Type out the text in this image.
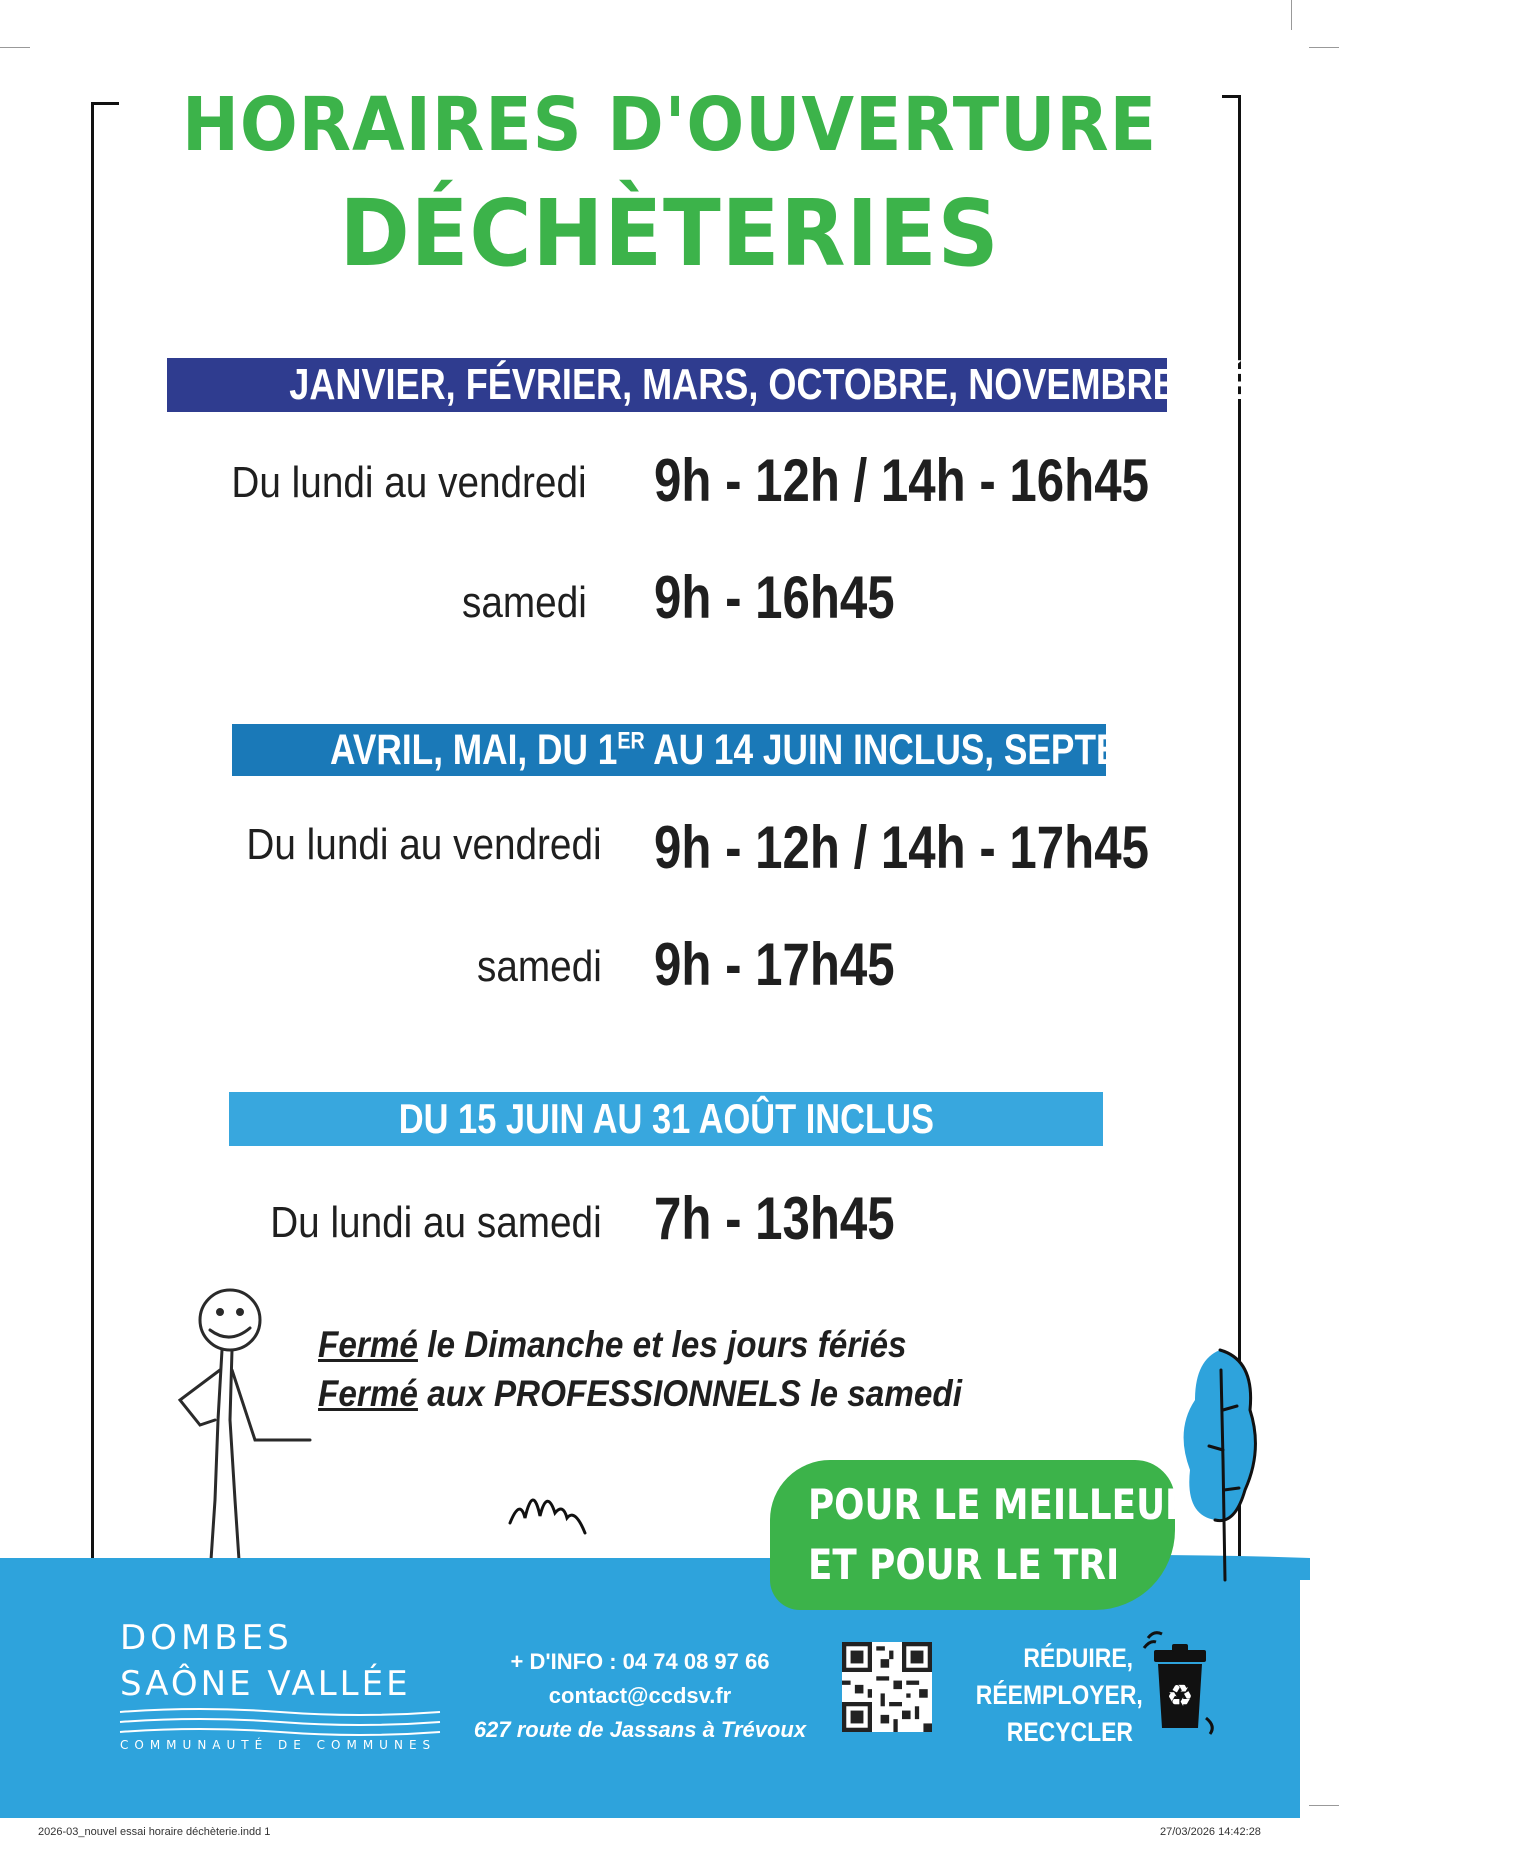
HORAIRES D'OUVERTURE
DÉCHÈTERIES
JANVIER, FÉVRIER, MARS, OCTOBRE, NOVEMBRE, DÉCEMBRE
Du lundi au vendredi 9h - 12h / 14h - 16h45
samedi 9h - 16h45
AVRIL, MAI, DU 1ER AU 14 JUIN INCLUS, SEPTEMBRE
Du lundi au vendredi 9h - 12h / 14h - 17h45
samedi 9h - 17h45
DU 15 JUIN AU 31 AOÛT INCLUS
Du lundi au samedi 7h - 13h45
Fermé le Dimanche et les jours fériés
Fermé aux PROFESSIONNELS le samedi
POUR LE MEILLEUR
ET POUR LE TRI
DOMBES
SAÔNE VALLÉE
COMMUNAUTÉ DE COMMUNES
+ D'INFO : 04 74 08 97 66
contact@ccdsv.fr
627 route de Jassans à Trévoux
RÉDUIRE,
RÉEMPLOYER,
RECYCLER
♻
2026-03_nouvel essai horaire déchèterie.indd 1	27/03/2026 14:42:28
